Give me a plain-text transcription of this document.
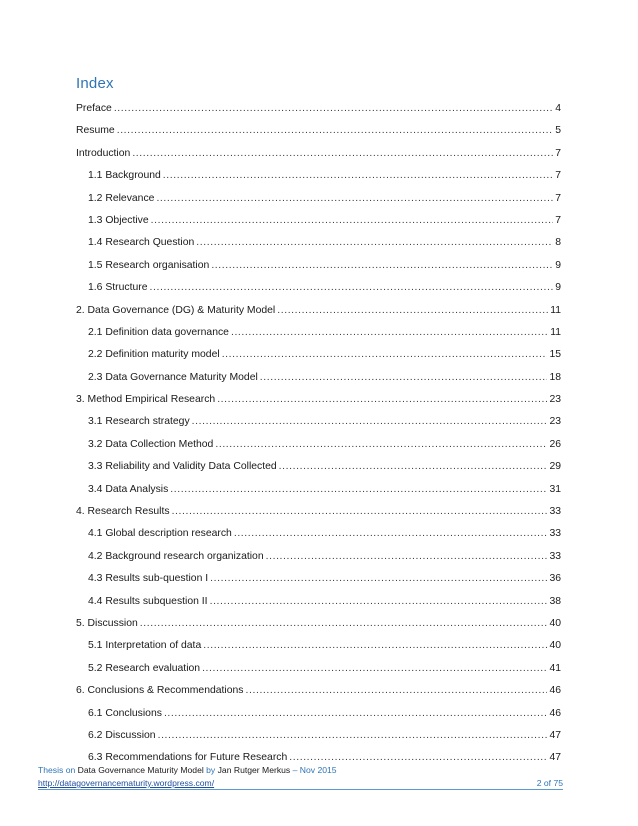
Index
Preface .....	4
Resume .....	5
Introduction .....	7
1.1 Background .....	7
1.2 Relevance .....	7
1.3 Objective .....	7
1.4 Research Question .....	8
1.5 Research organisation .....	9
1.6 Structure .....	9
2. Data Governance (DG) & Maturity Model .....	11
2.1 Definition data governance .....	11
2.2 Definition maturity model .....	15
2.3 Data Governance Maturity Model .....	18
3. Method Empirical Research .....	23
3.1 Research strategy .....	23
3.2 Data Collection Method .....	26
3.3 Reliability and Validity Data Collected .....	29
3.4 Data Analysis .....	31
4. Research Results .....	33
4.1 Global description research .....	33
4.2 Background research organization .....	33
4.3 Results sub-question I .....	36
4.4 Results subquestion II .....	38
5. Discussion .....	40
5.1 Interpretation of data .....	40
5.2 Research evaluation .....	41
6. Conclusions & Recommendations .....	46
6.1 Conclusions .....	46
6.2 Discussion .....	47
6.3 Recommendations for Future Research .....	47
Thesis on Data Governance Maturity Model by Jan Rutger Merkus – Nov 2015
http://datagovernancematurity.wordpress.com/	2 of 75
